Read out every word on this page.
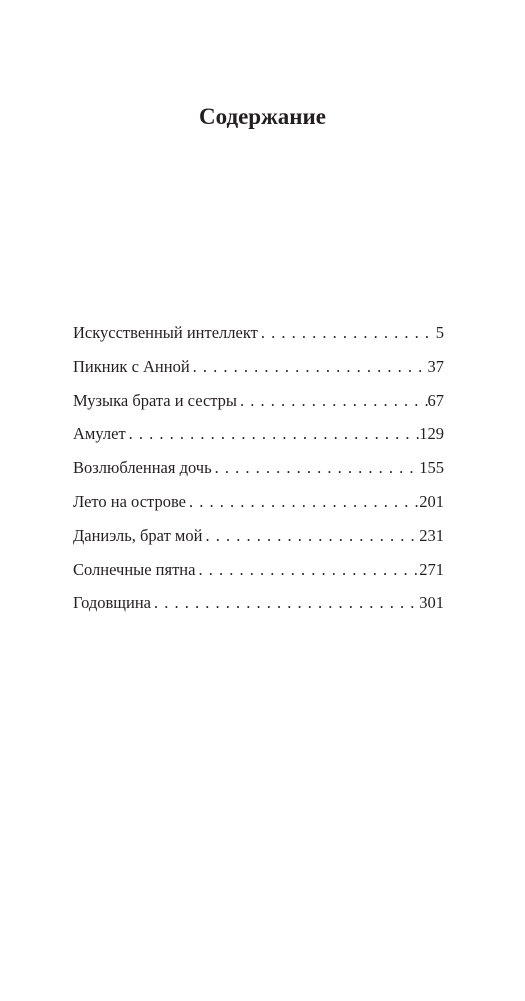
Содержание
Искусственный интеллект . . .	5
Пикник с Анной . . .	37
Музыка брата и сестры . . .	67
Амулет . . .	129
Возлюбленная дочь . . .	155
Лето на острове . . .	201
Даниэль, брат мой . . .	231
Солнечные пятна . . .	271
Годовщина . . .	301
